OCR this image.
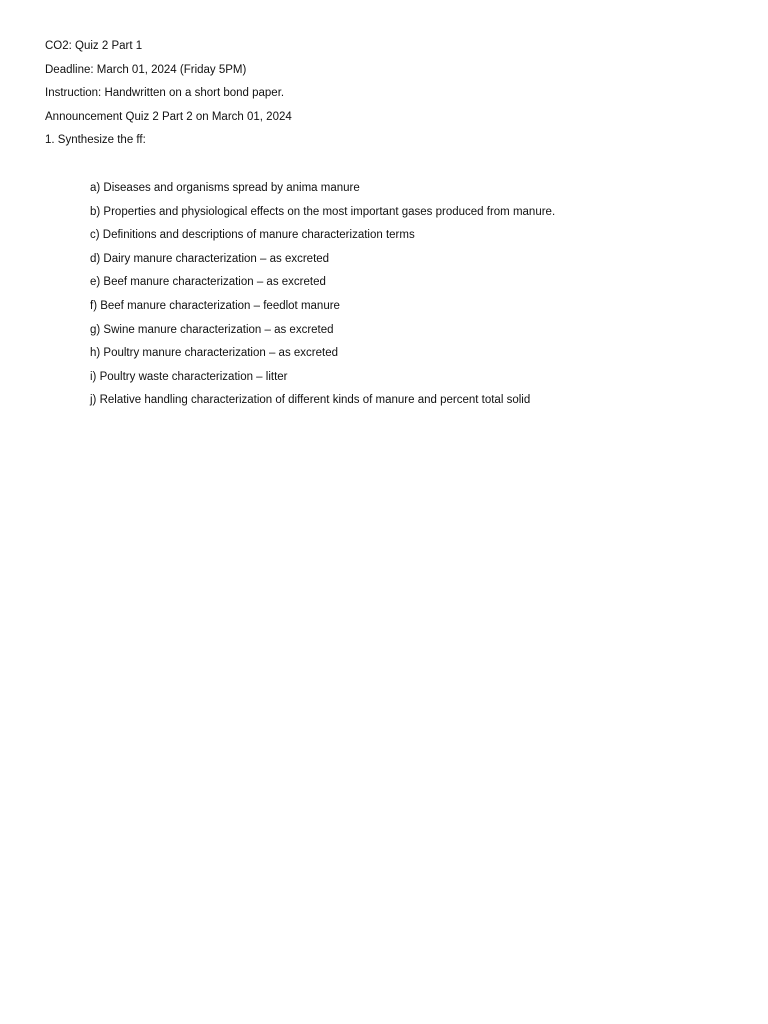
CO2: Quiz 2 Part 1
Deadline: March 01, 2024 (Friday 5PM)
Instruction: Handwritten on a short bond paper.
Announcement Quiz 2 Part 2 on March 01, 2024
1. Synthesize the ff:
a) Diseases and organisms spread by anima manure
b) Properties and physiological effects on the most important gases produced from manure.
c) Definitions and descriptions of manure characterization terms
d) Dairy manure characterization – as excreted
e) Beef manure characterization – as excreted
f) Beef manure characterization – feedlot manure
g) Swine manure characterization – as excreted
h) Poultry manure characterization – as excreted
i) Poultry waste characterization – litter
j) Relative handling characterization of different kinds of manure and percent total solid
